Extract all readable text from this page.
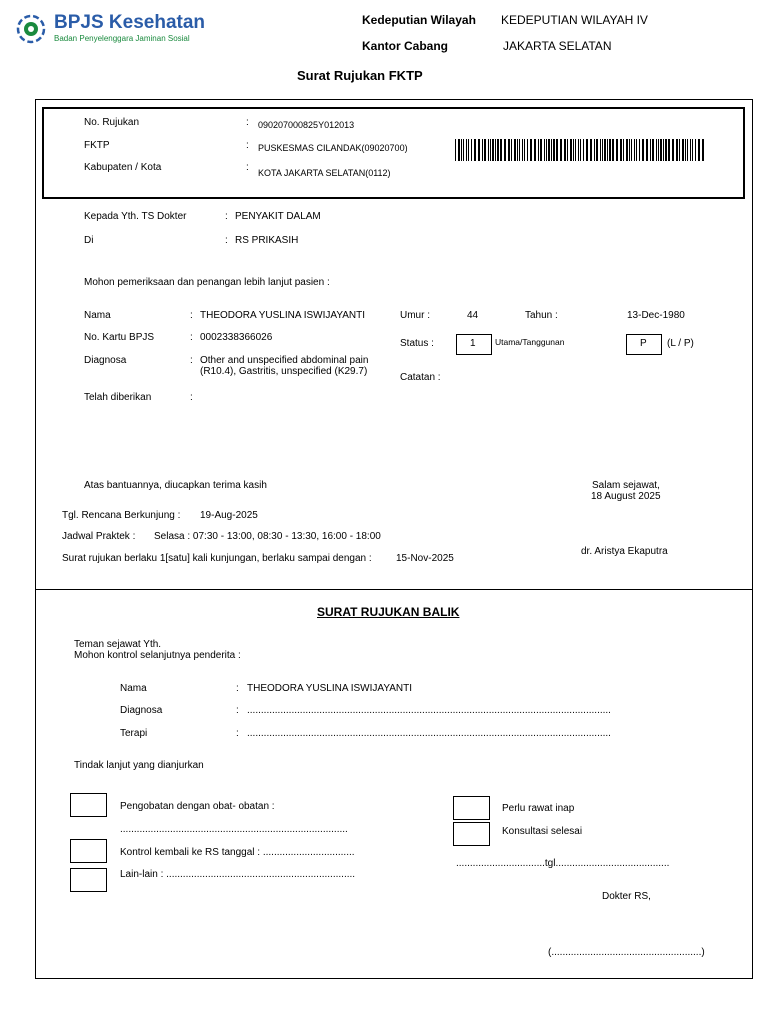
BPJS Kesehatan
Badan Penyelenggara Jaminan Sosial
Kedeputian Wilayah KEDEPUTIAN WILAYAH IV
Kantor Cabang	JAKARTA SELATAN
Surat Rujukan FKTP
No. Rujukan	: 090207000825Y012013
FKTP	: PUSKESMAS CILANDAK(09020700)
Kabupaten / Kota	: KOTA JAKARTA SELATAN(0112)
Kepada Yth. TS Dokter	: PENYAKIT DALAM
Di	: RS PRIKASIH
Mohon pemeriksaan dan penangan lebih lanjut pasien :
Nama	: THEODORA YUSLINA ISWIJAYANTI
No. Kartu BPJS	: 0002338366026
Diagnosa	: Other and unspecified abdominal pain
(R10.4), Gastritis, unspecified (K29.7)
Telah diberikan	:
Umur :	44	Tahun :	13-Dec-1980
Status :	1 Utama/Tanggunan	P (L / P)
Catatan :
Atas bantuannya, diucapkan terima kasih	Salam sejawat,
18 August 2025
Tgl. Rencana Berkunjung : 19-Aug-2025
Jadwal Praktek : Selasa : 07:30 - 13:00, 08:30 - 13:30, 16:00 - 18:00
Surat rujukan berlaku 1[satu] kali kunjungan, berlaku sampai dengan : 15-Nov-2025
dr. Aristya Ekaputra
SURAT RUJUKAN BALIK
Teman sejawat Yth.
Mohon kontrol selanjutnya penderita :
Nama	: THEODORA YUSLINA ISWIJAYANTI
Diagnosa	: ...................................................................................................................................
Terapi	: ...................................................................................................................................
Tindak lanjut yang dianjurkan
Pengobatan dengan obat- obatan :
..................................................................................
Kontrol kembali ke RS tanggal : .................................
Lain-lain : ....................................................................
Perlu rawat inap
Konsultasi selesai
................................tgl.........................................
Dokter RS,
(......................................................)
